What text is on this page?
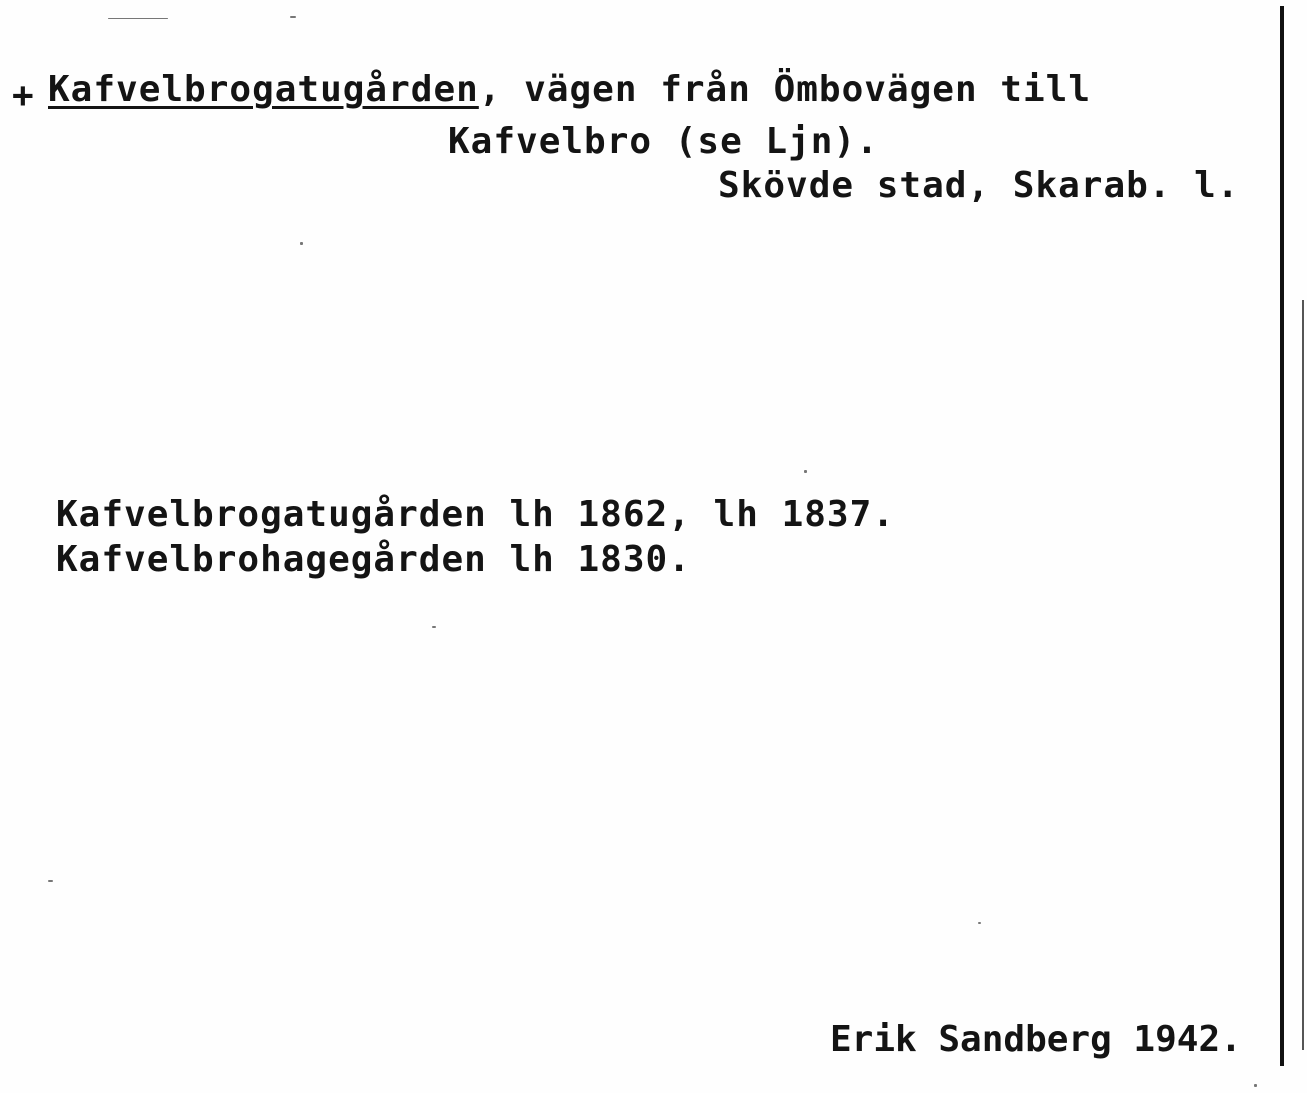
+ Kafvelbrogatugården, vägen från Ömbovägen till
Kafvelbro (se Ljn).
Skövde stad, Skarab. l.
Kafvelbrogatugården lh 1862, lh 1837.
Kafvelbrohagegården lh 1830.
Erik Sandberg 1942.
